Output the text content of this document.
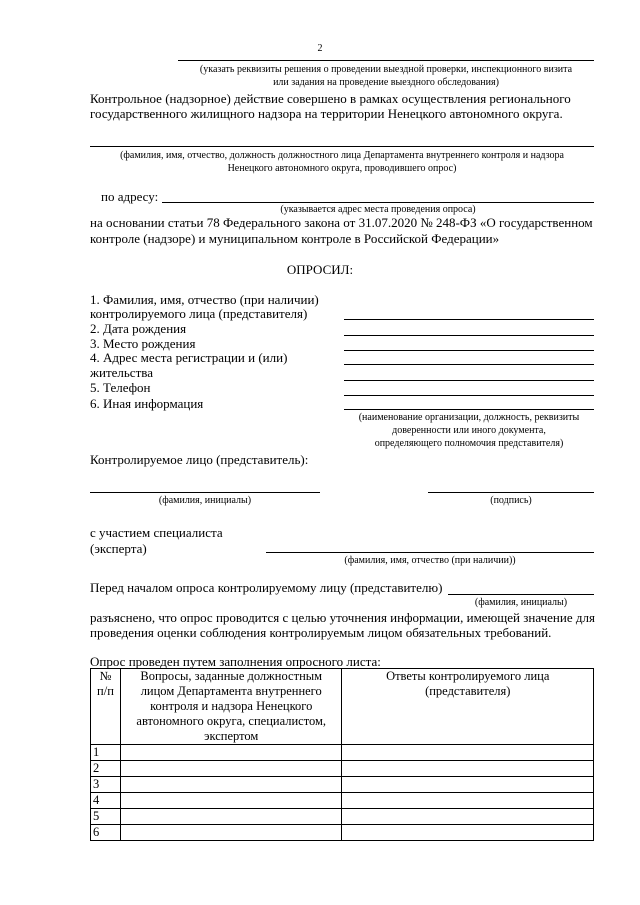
2
(указать реквизиты решения о проведении выездной проверки, инспекционного визита
или задания на проведение выездного обследования)
Контрольное (надзорное) действие совершено в рамках осуществления регионального
государственного жилищного надзора на территории Ненецкого автономного округа.
(фамилия, имя, отчество, должность должностного лица Департамента внутреннего контроля и надзора
Ненецкого автономного округа, проводившего опрос)
по адресу:
(указывается адрес места проведения опроса)
на основании статьи 78 Федерального закона от 31.07.2020 № 248-ФЗ «О государственном
контроле (надзоре) и муниципальном контроле в Российской Федерации»
ОПРОСИЛ:
1. Фамилия, имя, отчество (при наличии)
контролируемого лица (представителя)
2. Дата рождения
3. Место рождения
4. Адрес места регистрации и (или)
жительства
5. Телефон
6. Иная информация
(наименование организации, должность, реквизиты
доверенности или иного документа,
определяющего полномочия представителя)
Контролируемое лицо (представитель):
(фамилия, инициалы)	(подпись)
с участием специалиста
(эксперта)
(фамилия, имя, отчество (при наличии))
Перед началом опроса контролируемому лицу (представителю)
(фамилия, инициалы)
разъяснено, что опрос проводится с целью уточнения информации, имеющей значение для
проведения оценки соблюдения контролируемым лицом обязательных требований.
Опрос проведен путем заполнения опросного листа:
№ п/п	Вопросы, заданные должностным лицом Департамента внутреннего контроля и надзора Ненецкого автономного округа, специалистом, экспертом	Ответы контролируемого лица (представителя)
1		
2		
3		
4		
5		
6		
